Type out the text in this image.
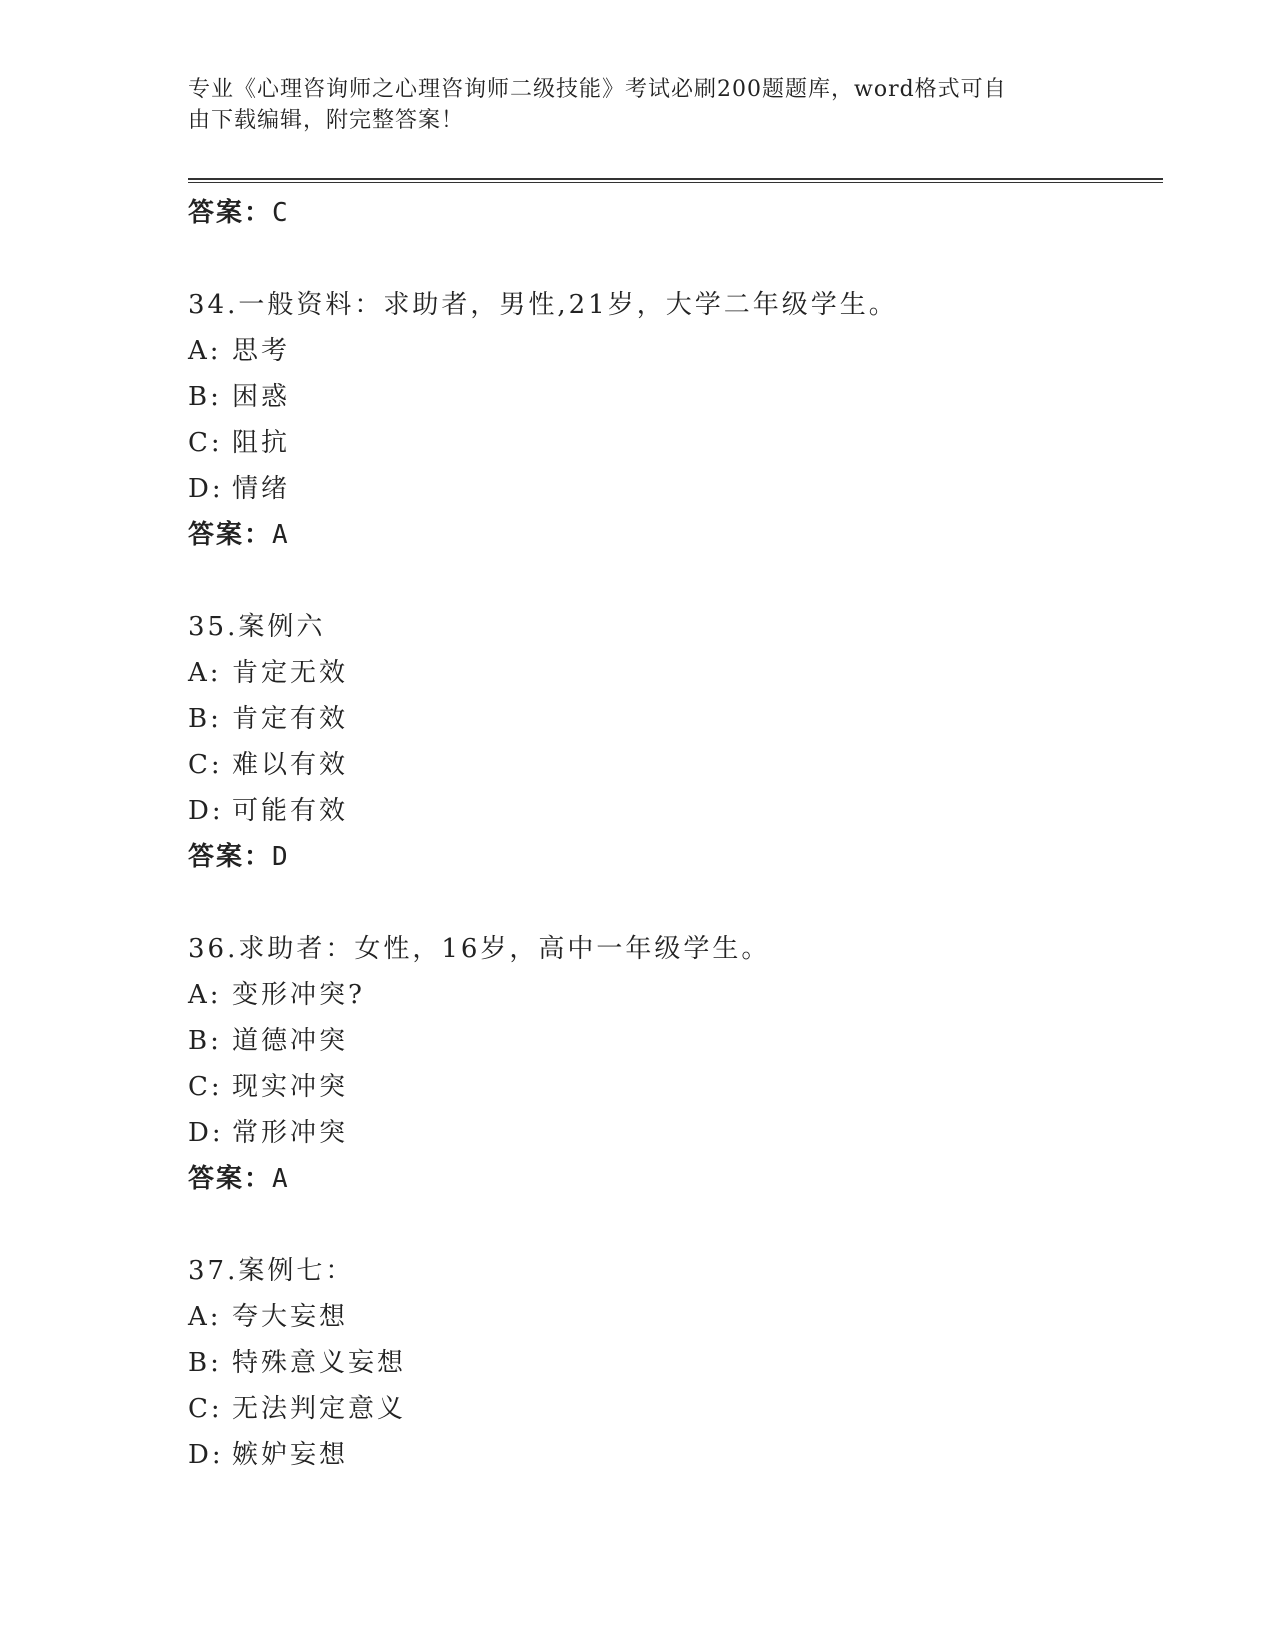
专业《心理咨询师之心理咨询师二级技能》考试必刷200题题库，word格式可自
由下载编辑，附完整答案！
答案：C
34.一般资料：求助者，男性,21岁，大学二年级学生。
A: 思考
B: 困惑
C: 阻抗
D: 情绪
答案：A
35.案例六
A: 肯定无效
B: 肯定有效
C: 难以有效
D: 可能有效
答案：D
36.求助者：女性，16岁，高中一年级学生。
A: 变形冲突?
B: 道德冲突
C: 现实冲突
D: 常形冲突
答案：A
37.案例七：
A: 夸大妄想
B: 特殊意义妄想
C: 无法判定意义
D: 嫉妒妄想
